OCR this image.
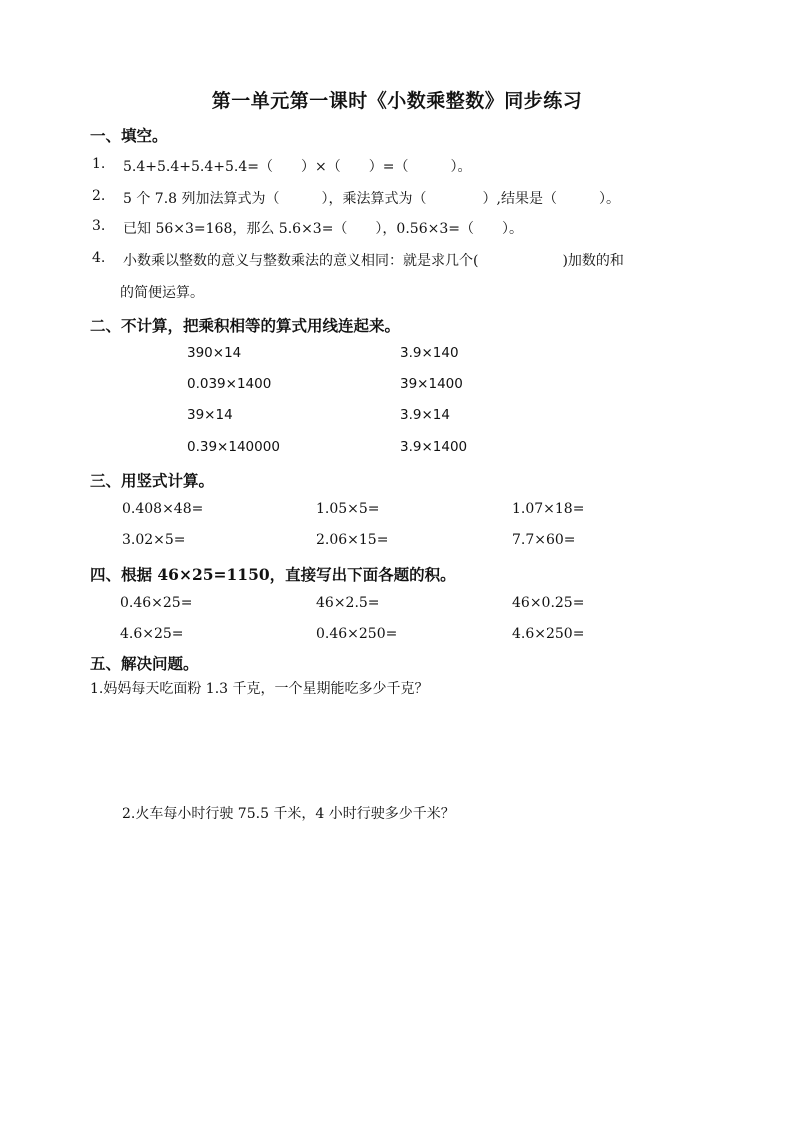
第一单元第一课时《小数乘整数》同步练习
一、填空。
1. 5.4+5.4+5.4+5.4=（　　）×（　　）=（　　　）。
2. 5 个 7.8 列加法算式为（　　　），乘法算式为（　　　　）,结果是（　　　）。
3. 已知 56×3=168，那么 5.6×3=（　　），0.56×3=（　　）。
4. 小数乘以整数的意义与整数乘法的意义相同：就是求几个(　　　　　　)加数的和
的简便运算。
二、不计算，把乘积相等的算式用线连起来。
390×14	3.9×140
0.039×1400	39×1400
39×14	3.9×14
0.39×140000	3.9×1400
三、用竖式计算。
0.408×48=	1.05×5=	1.07×18=
3.02×5=	2.06×15=	7.7×60=
四、根据 46×25=1150，直接写出下面各题的积。
0.46×25=	46×2.5=	46×0.25=
4.6×25=	0.46×250=	4.6×250=
五、解决问题。
1.妈妈每天吃面粉 1.3 千克，一个星期能吃多少千克？
2.火车每小时行驶 75.5 千米，4 小时行驶多少千米？
